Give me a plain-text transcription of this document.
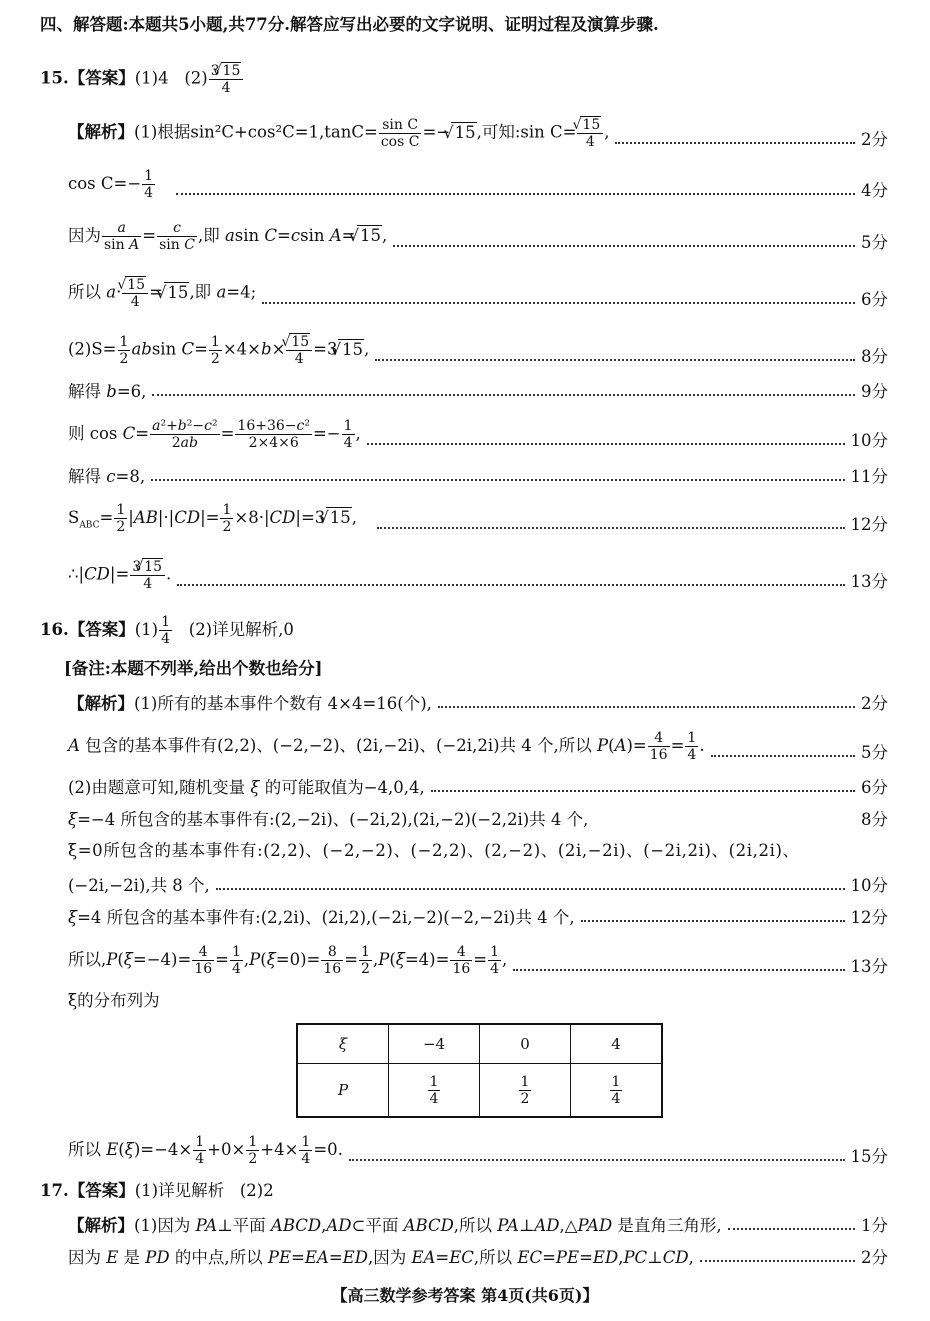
四、解答题:本题共5小题,共77分.解答应写出必要的文字说明、证明过程及演算步骤.
15.【答案】(1)4   $(2) \frac{3 √ 15}{4}$
【解析】(1)根据$\sin^2C+\cos^2C=1,\tan C= \frac{\text{sin C}}{\text{cos C}}$ =− √ 15,可知:sin C= √ $\frac{15}{4}$ ,	2分
$\cos C=- \frac{1}{4}$	4分
因为 $\frac{a}{\text{sin A}} = \frac{c}{\text{sin C}}$ ,即 asin C=csin A= √ 15,	5分
所以 a· √ $\frac{15}{4}$ = √ 15,即 a=4;	6分
$(2)S= \frac{1}{2}$ absin $C= \frac{1}{2} \times 4\times b\times$ √ $\frac{15}{4} =3$ √ 15,	8分
解得 b=6,	9分
则 $\cos C= \frac{\text{a²+b²−c²}}{2ab} = \frac{\text{16+36−c²}}{2\times 4\times 6} =- \frac{1}{4}$ ,	10分
解得 c=8,	11分
$S_{ABC}= \frac{1}{2} |AB|\cdot|CD|= \frac{1}{2} \times 8\cdot|CD|=3$ √ 15,	12分
∴|CD|= $\frac{3 √ 15}{4}$ .	13分
16.【答案】$(1) \frac{1}{4} (2)$详见解析,0
[备注:本题不列举,给出个数也给分]
【解析】(1)所有的基本事件个数有 4×4=16(个),	2分
A 包含的基本事件有(2,2)、(−2,−2)、(2i,−2i)、(−2i,2i)共 4 个,所以 $P(A)= \frac{4}{16} = \frac{1}{4}$ .	5分
(2)由题意可知,随机变量 ξ 的可能取值为−4,0,4,	6分
ξ=−4 所包含的基本事件有:(2,−2i)、(−2i,2),(2i,−2)(−2,2i)共 4 个,	8分
ξ=0所包含的基本事件有:(2,2)、(−2,−2)、(−2,2)、(2,−2)、(2i,−2i)、(−2i,2i)、(2i,2i)、
(−2i,−2i),共 8 个,	10分
ξ=4 所包含的基本事件有:(2,2i)、(2i,2),(−2i,−2)(−2,−2i)共 4 个,	12分
所以$,P(\xi=-4)= \frac{4}{16} = \frac{1}{4} ,P(\xi=0)= \frac{8}{16} = \frac{1}{2} ,P(\xi=4)= \frac{4}{16} = \frac{1}{4}$ ,	13分
ξ的分布列为
ξ	−4	0	4
P	$\frac{1}{4}$	$\frac{1}{2}$	$\frac{1}{4}$
所以 $E(\xi)=-4\times \frac{1}{4} +0\times \frac{1}{2} +4\times \frac{1}{4} =0$.	15分
17.【答案】(1)详见解析   (2)2
【解析】(1)因为 PA⊥平面 ABCD,AD⊂平面 ABCD,所以 PA⊥AD,△PAD 是直角三角形,	1分
因为 E 是 PD 的中点,所以 PE=EA=ED,因为 EA=EC,所以 EC=PE=ED,PC⊥CD,	2分
【高三数学参考答案 第4页(共6页)】
